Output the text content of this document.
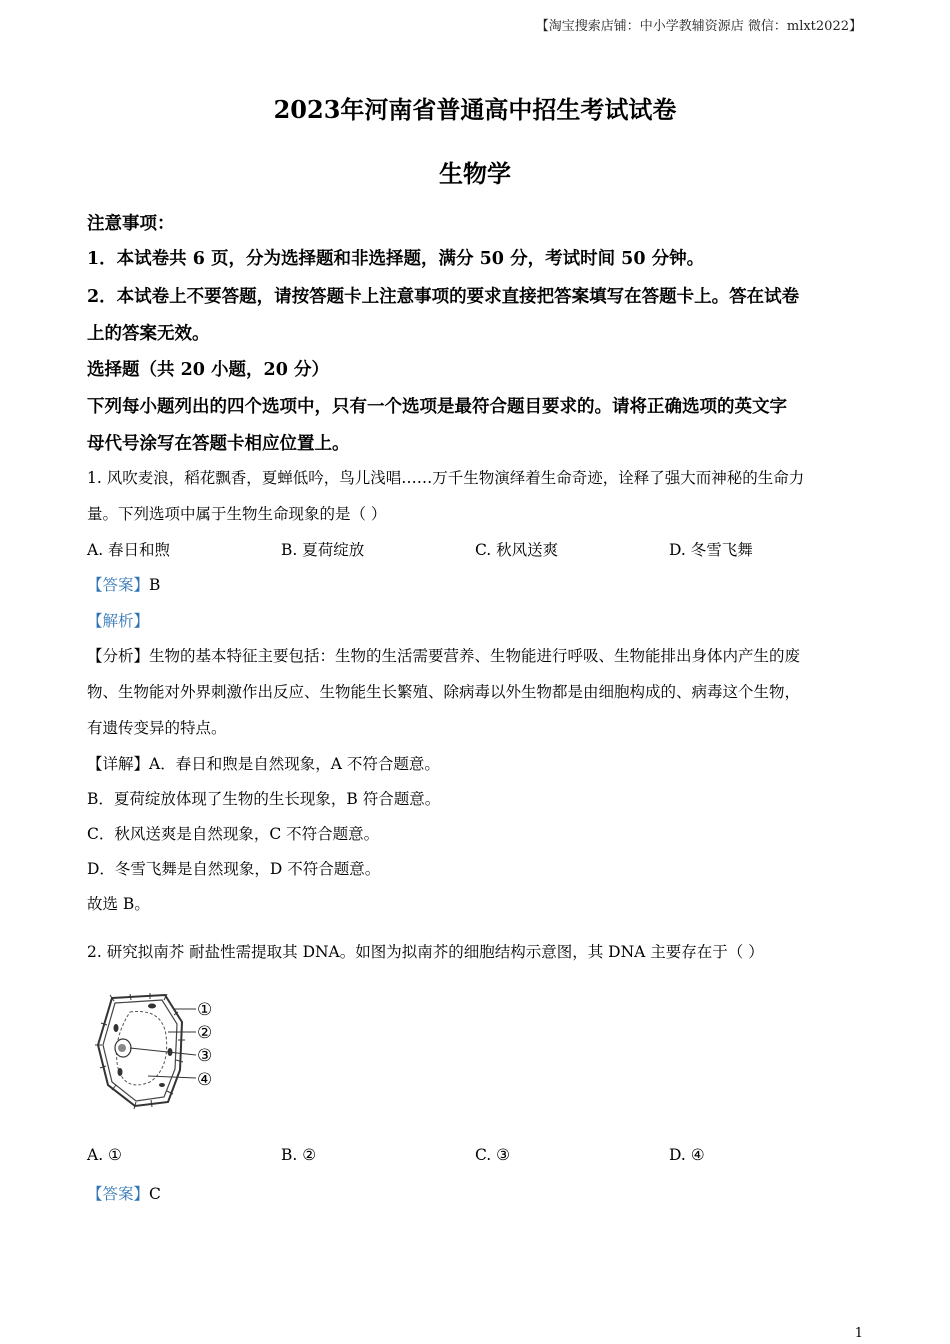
【淘宝搜索店铺：中小学教辅资源店 微信：mlxt2022】
2023年河南省普通高中招生考试试卷
生物学
注意事项：
1．本试卷共 6 页，分为选择题和非选择题，满分 50 分，考试时间 50 分钟。
2．本试卷上不要答题，请按答题卡上注意事项的要求直接把答案填写在答题卡上。答在试卷
上的答案无效。
选择题（共 20 小题，20 分）
下列每小题列出的四个选项中，只有一个选项是最符合题目要求的。请将正确选项的英文字
母代号涂写在答题卡相应位置上。
1. 风吹麦浪，稻花飘香，夏蝉低吟，鸟儿浅唱……万千生物演绎着生命奇迹，诠释了强大而神秘的生命力
量。下列选项中属于生物生命现象的是（ ）
A. 春日和煦	B. 夏荷绽放	C. 秋风送爽	D. 冬雪飞舞
【答案】B
【解析】
【分析】生物的基本特征主要包括：生物的生活需要营养、生物能进行呼吸、生物能排出身体内产生的废
物、生物能对外界刺激作出反应、生物能生长繁殖、除病毒以外生物都是由细胞构成的、病毒这个生物，
有遗传变异的特点。
【详解】A．春日和煦是自然现象，A 不符合题意。
B．夏荷绽放体现了生物的生长现象，B 符合题意。
C．秋风送爽是自然现象，C 不符合题意。
D．冬雪飞舞是自然现象，D 不符合题意。
故选 B。
2. 研究拟南芥 耐盐性需提取其 DNA。如图为拟南芥的细胞结构示意图，其 DNA 主要存在于（ ）
①
②
③
④
A. ①	B. ②	C. ③	D. ④
【答案】C
1
